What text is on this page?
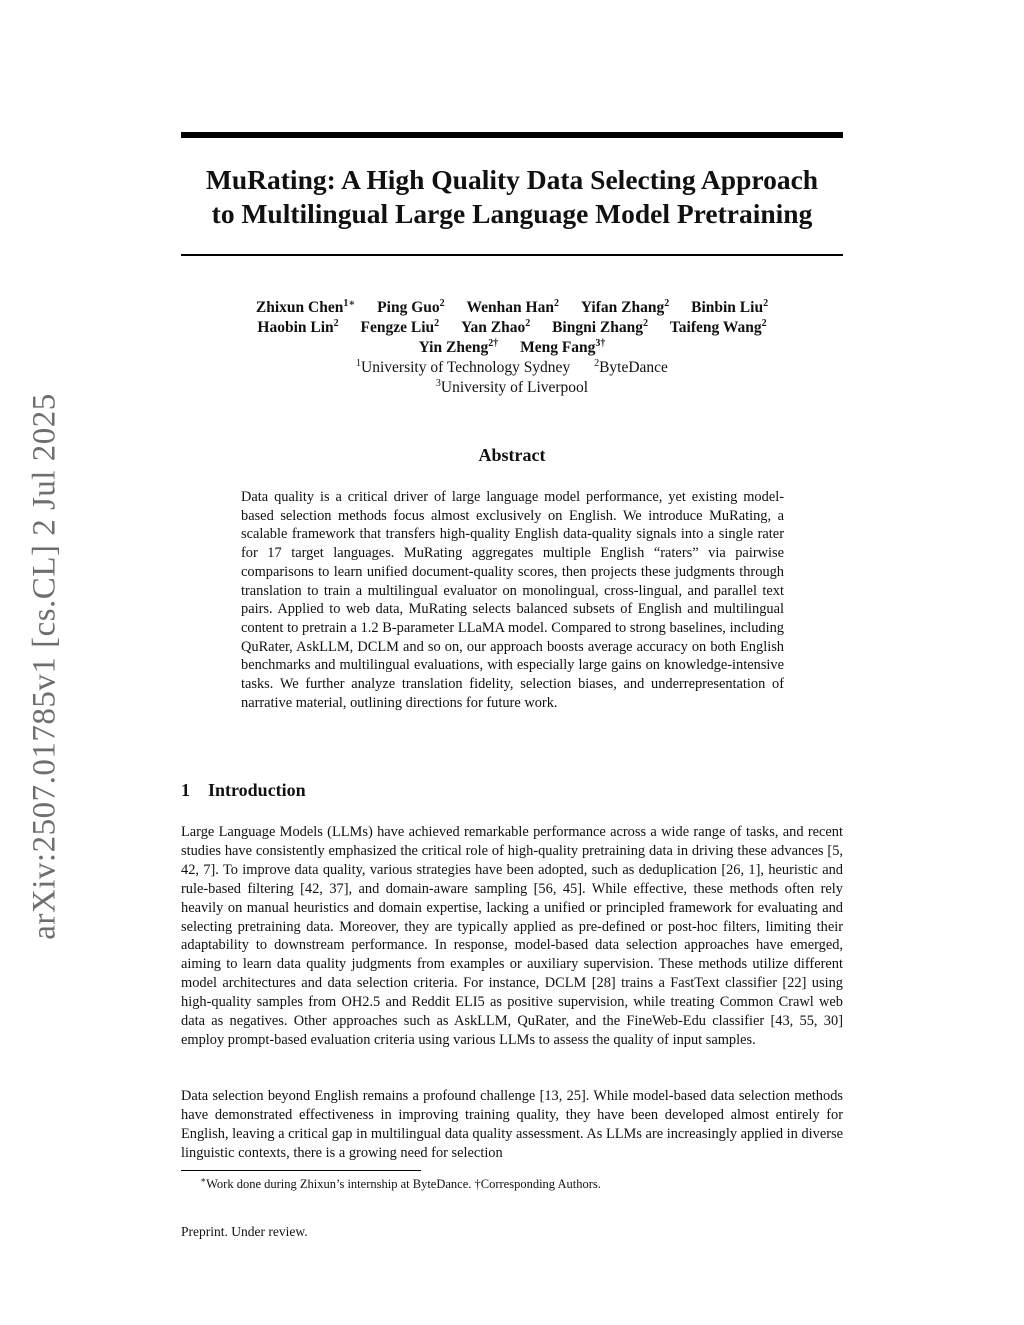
arXiv:2507.01785v1 [cs.CL] 2 Jul 2025
MuRating: A High Quality Data Selecting Approach
to Multilingual Large Language Model Pretraining
Zhixun Chen$^{1∗}$ Ping Guo$^2$ Wenhan Han$^2$ Yifan Zhang$^2$ Binbin Liu$^2$
Haobin Lin$^2$ Fengze Liu$^2$ Yan Zhao$^2$ Bingni Zhang$^2$ Taifeng Wang$^2$
Yin Zheng$^{2\dagger}$ Meng Fang$^{3\dagger}$
$^1$University of Technology Sydney $^2$ByteDance
$^3$University of Liverpool
Abstract

Data quality is a critical driver of large language model performance, yet existing model-based selection methods focus almost exclusively on English. We introduce MuRating, a scalable framework that transfers high-quality English data-quality signals into a single rater for 17 target languages. MuRating aggregates multiple English “raters” via pairwise comparisons to learn unified document-quality scores, then projects these judgments through translation to train a multilingual evaluator on monolingual, cross-lingual, and parallel text pairs. Applied to web data, MuRating selects balanced subsets of English and multilingual content to pretrain a 1.2 B-parameter LLaMA model. Compared to strong baselines, including QuRater, AskLLM, DCLM and so on, our approach boosts average accuracy on both English benchmarks and multilingual evaluations, with especially large gains on knowledge-intensive tasks. We further analyze translation fidelity, selection biases, and underrepresentation of narrative material, outlining directions for future work.

1 Introduction

Large Language Models (LLMs) have achieved remarkable performance across a wide range of tasks, and recent studies have consistently emphasized the critical role of high-quality pretraining data in driving these advances [5, 42, 7]. To improve data quality, various strategies have been adopted, such as deduplication [26, 1], heuristic and rule-based filtering [42, 37], and domain-aware sampling [56, 45]. While effective, these methods often rely heavily on manual heuristics and domain expertise, lacking a unified or principled framework for evaluating and selecting pretraining data. Moreover, they are typically applied as pre-defined or post-hoc filters, limiting their adaptability to downstream performance. In response, model-based data selection approaches have emerged, aiming to learn data quality judgments from examples or auxiliary supervision. These methods utilize different model architectures and data selection criteria. For instance, DCLM [28] trains a FastText classifier [22] using high-quality samples from OH2.5 and Reddit ELI5 as positive supervision, while treating Common Crawl web data as negatives. Other approaches such as AskLLM, QuRater, and the FineWeb-Edu classifier [43, 55, 30] employ prompt-based evaluation criteria using various LLMs to assess the quality of input samples.

Data selection beyond English remains a profound challenge [13, 25]. While model-based data selection methods have demonstrated effectiveness in improving training quality, they have been developed almost entirely for English, leaving a critical gap in multilingual data quality assessment. As LLMs are increasingly applied in diverse linguistic contexts, there is a growing need for selection

∗Work done during Zhixun’s internship at ByteDance. †Corresponding Authors.

Preprint. Under review.
